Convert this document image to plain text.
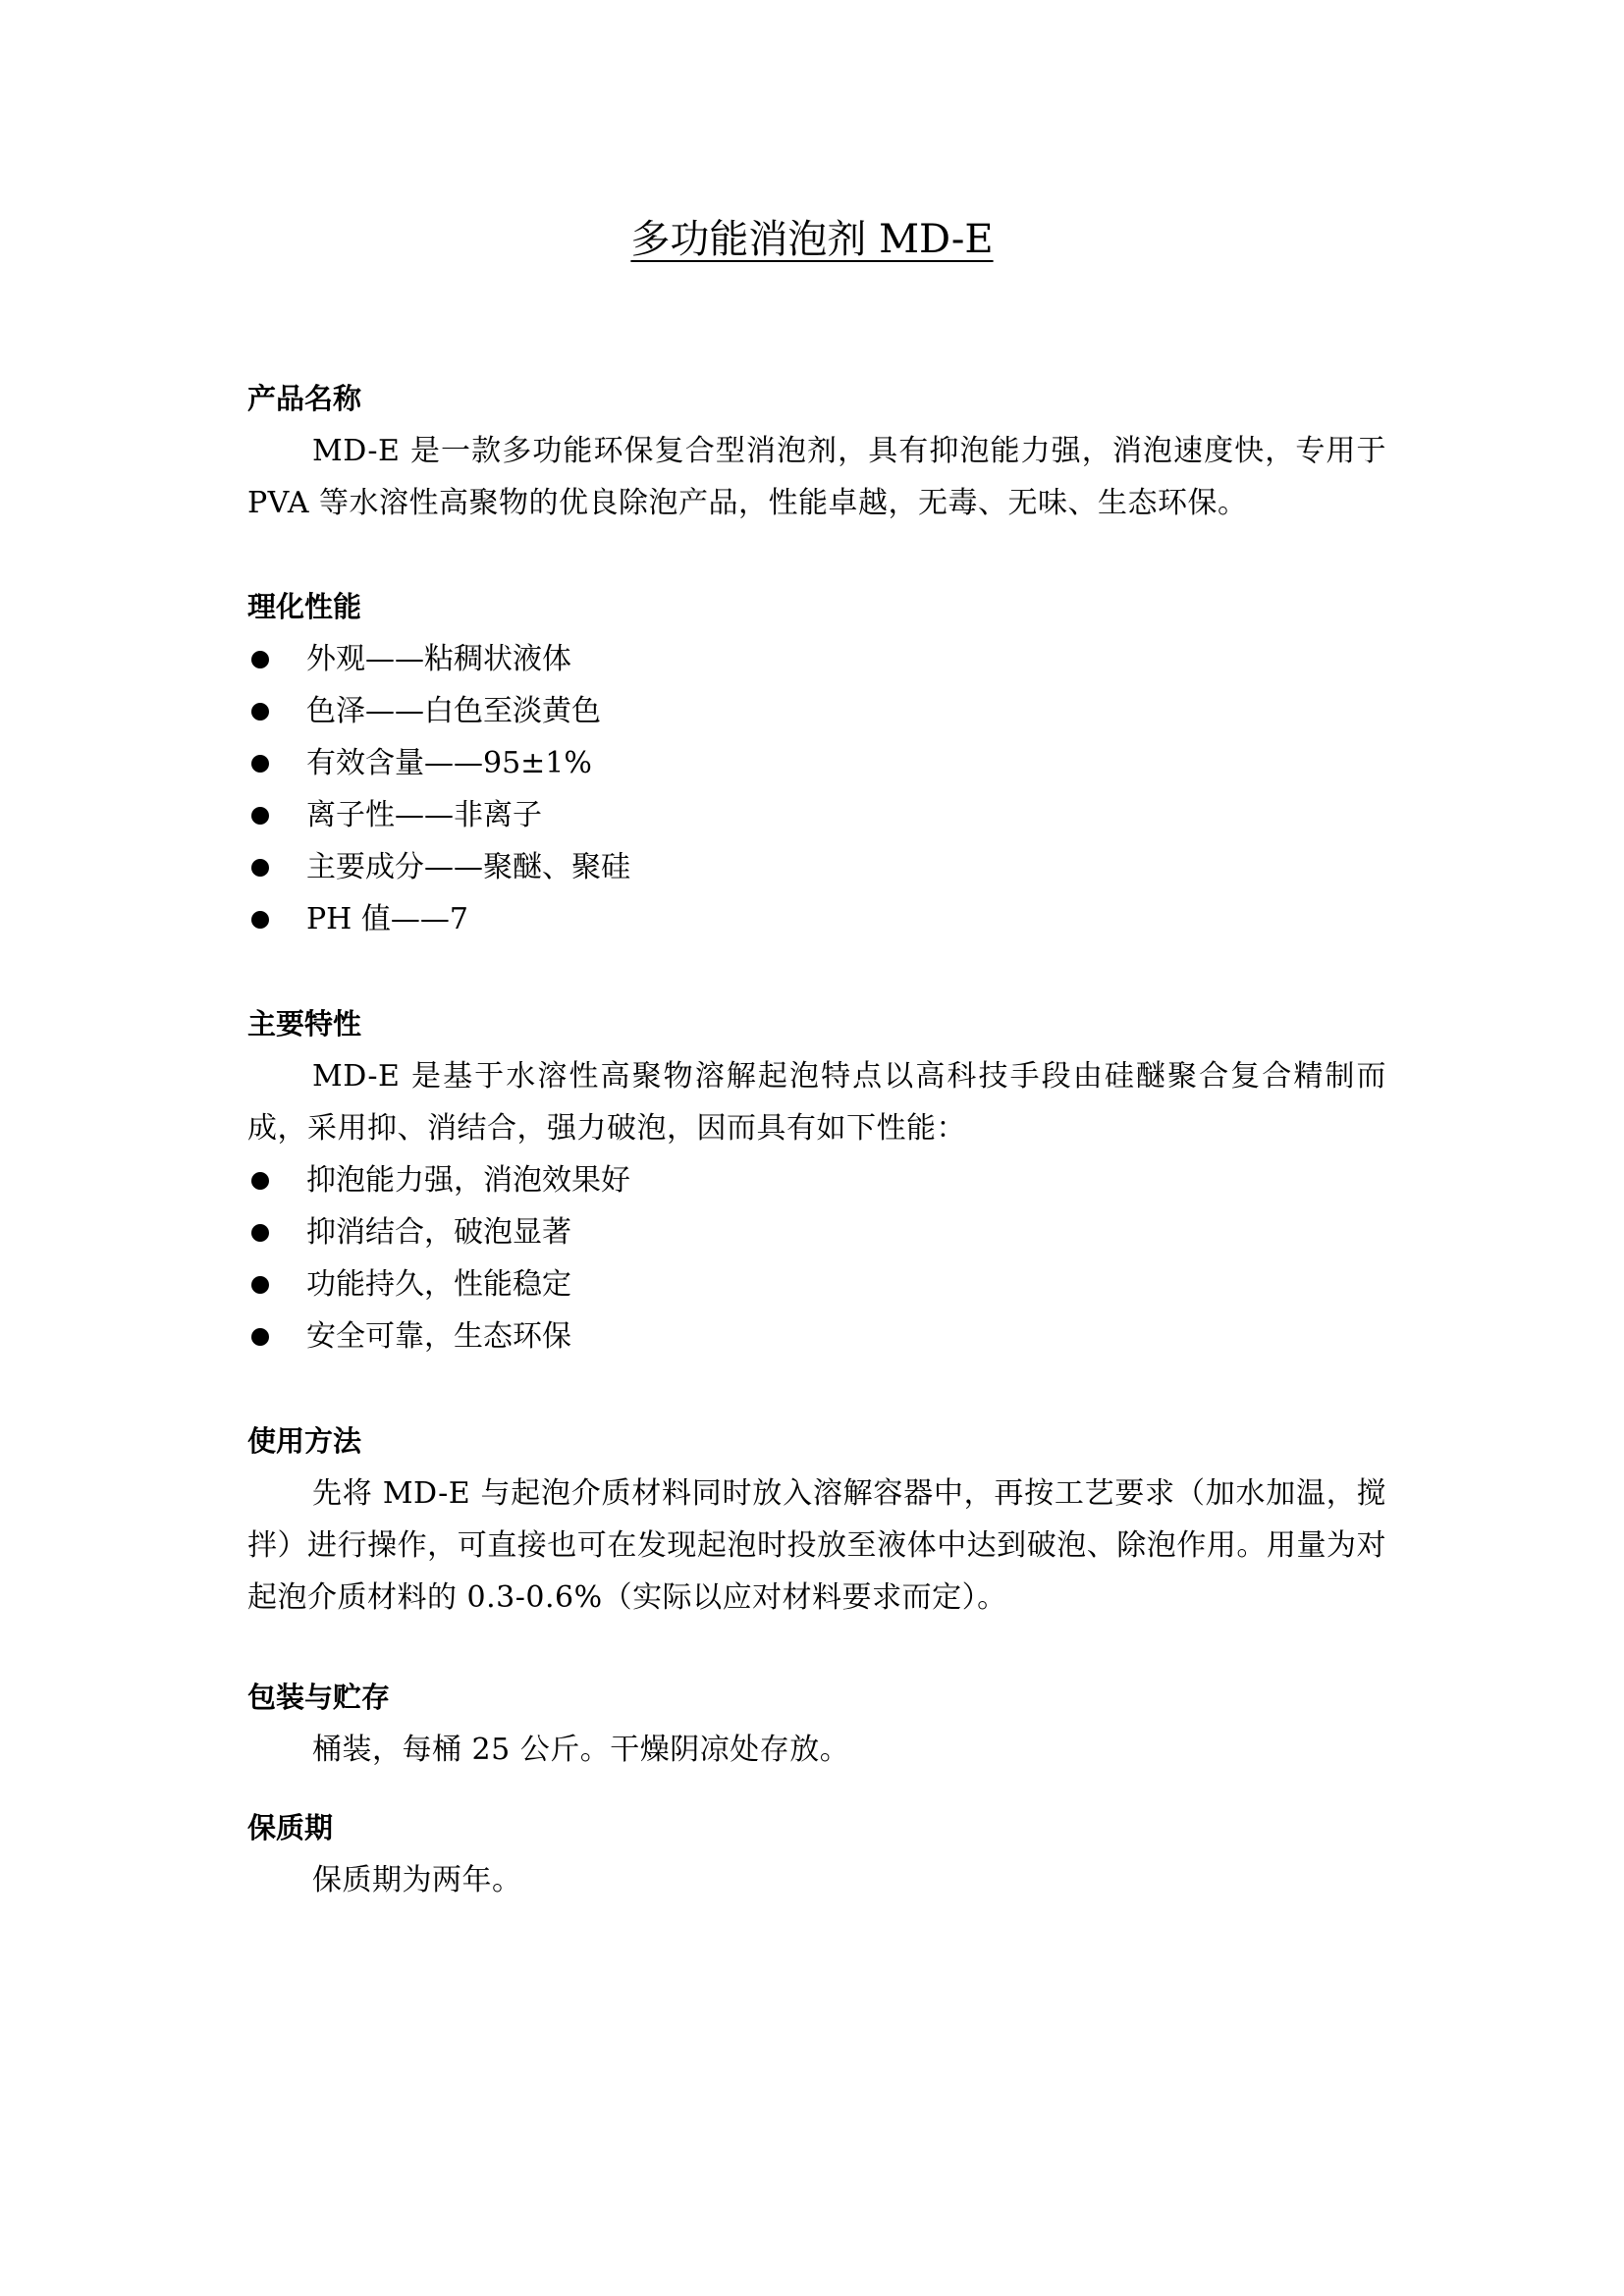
多功能消泡剂 MD-E
产品名称

MD-E 是一款多功能环保复合型消泡剂，具有抑泡能力强，消泡速度快，专用于 PVA 等水溶性高聚物的优良除泡产品，性能卓越，无毒、无味、生态环保。

理化性能
外观——粘稠状液体
色泽——白色至淡黄色
有效含量——95±1%
离子性——非离子
主要成分——聚醚、聚硅
PH 值——7
主要特性

MD-E 是基于水溶性高聚物溶解起泡特点以高科技手段由硅醚聚合复合精制而成，采用抑、消结合，强力破泡，因而具有如下性能：

抑泡能力强，消泡效果好
抑消结合，破泡显著
功能持久，性能稳定
安全可靠，生态环保
使用方法

先将 MD-E 与起泡介质材料同时放入溶解容器中，再按工艺要求（加水加温，搅拌）进行操作，可直接也可在发现起泡时投放至液体中达到破泡、除泡作用。用量为对起泡介质材料的 0.3-0.6%（实际以应对材料要求而定）。

包装与贮存

桶装，每桶 25 公斤。干燥阴凉处存放。

保质期

保质期为两年。
